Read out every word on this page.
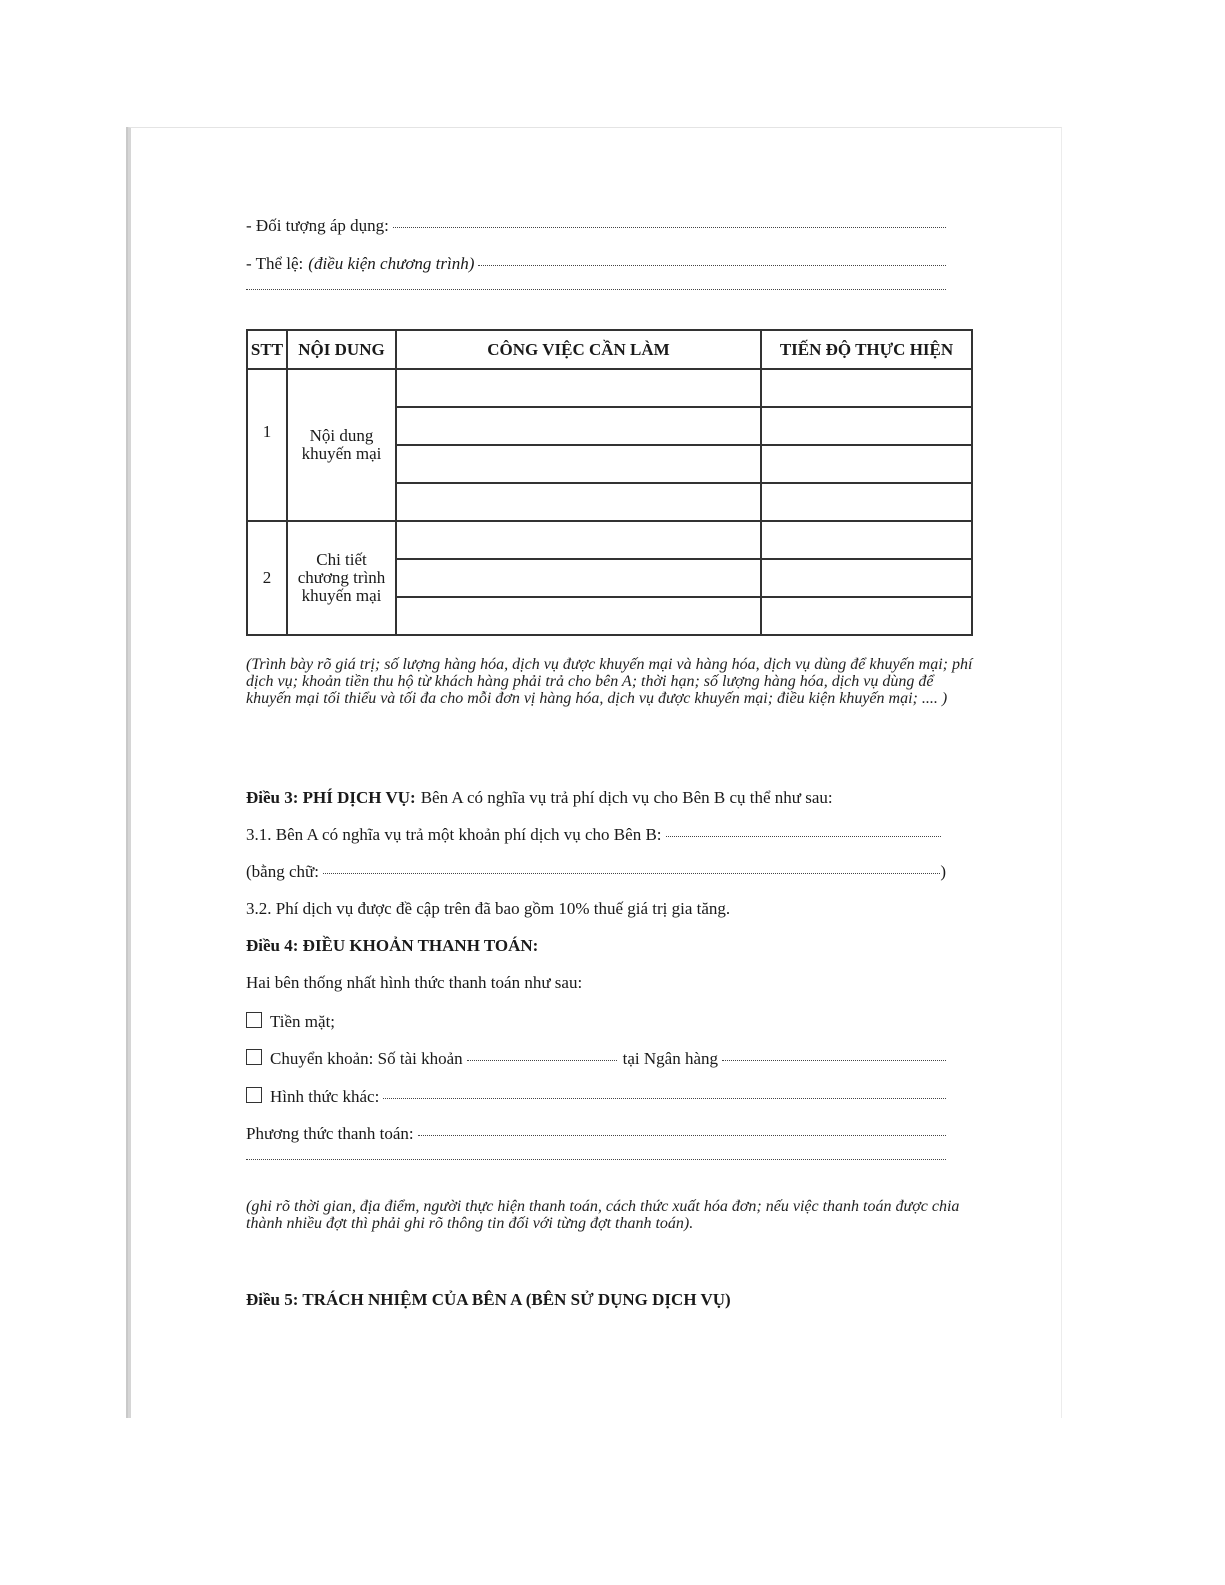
- Đối tượng áp dụng:
- Thể lệ: (điều kiện chương trình)
STT	NỘI DUNG	CÔNG VIỆC CẦN LÀM	TIẾN ĐỘ THỰC HIỆN
1	Nội dung khuyến mại		

2	Chi tiết chương trình khuyến mại		

(Trình bày rõ giá trị; số lượng hàng hóa, dịch vụ được khuyến mại và hàng hóa, dịch vụ dùng để khuyến mại; phí dịch vụ; khoản tiền thu hộ từ khách hàng phải trả cho bên A; thời hạn; số lượng hàng hóa, dịch vụ dùng để khuyến mại tối thiểu và tối đa cho mỗi đơn vị hàng hóa, dịch vụ được khuyến mại; điều kiện khuyến mại; .... )
Điều 3: PHÍ DỊCH VỤ: Bên A có nghĩa vụ trả phí dịch vụ cho Bên B cụ thể như sau:
3.1. Bên A có nghĩa vụ trả một khoản phí dịch vụ cho Bên B:
(bằng chữ:	)
3.2. Phí dịch vụ được đề cập trên đã bao gồm 10% thuế giá trị gia tăng.
Điều 4: ĐIỀU KHOẢN THANH TOÁN:
Hai bên thống nhất hình thức thanh toán như sau:
Tiền mặt;
Chuyển khoản: Số tài khoản	tại Ngân hàng
Hình thức khác:
Phương thức thanh toán:
(ghi rõ thời gian, địa điểm, người thực hiện thanh toán, cách thức xuất hóa đơn; nếu việc thanh toán được chia thành nhiều đợt thì phải ghi rõ thông tin đối với từng đợt thanh toán).
Điều 5: TRÁCH NHIỆM CỦA BÊN A (BÊN SỬ DỤNG DỊCH VỤ)
